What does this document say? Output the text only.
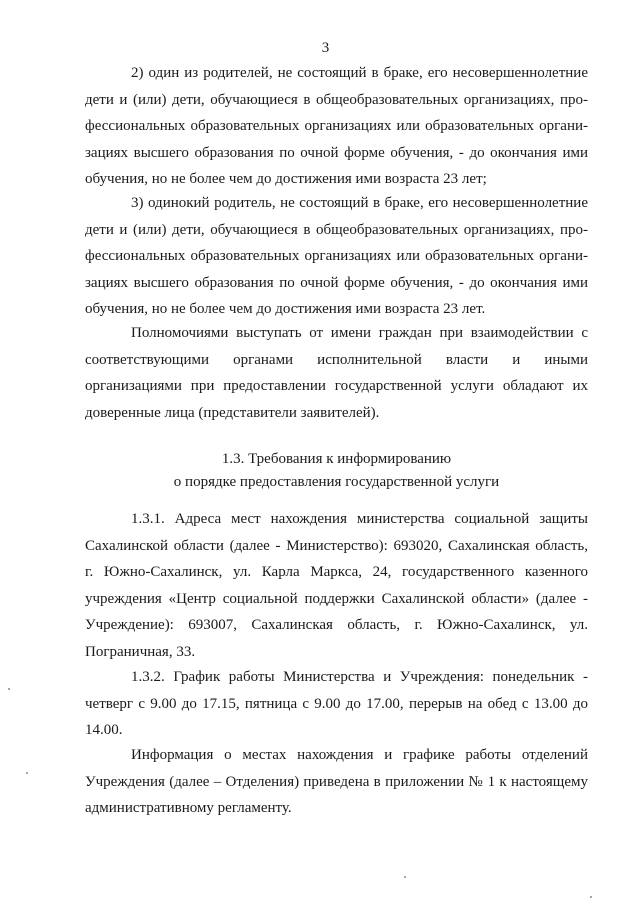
3
2) один из родителей, не состоящий в браке, его несовершеннолетние
дети и (или) дети, обучающиеся в общеобразовательных организациях, про-
фессиональных образовательных организациях или образовательных органи-
зациях высшего образования по очной форме обучения, - до окончания ими
обучения, но не более чем до достижения ими возраста 23 лет;
3) одинокий родитель, не состоящий в браке, его несовершеннолетние
дети и (или) дети, обучающиеся в общеобразовательных организациях, про-
фессиональных образовательных организациях или образовательных органи-
зациях высшего образования по очной форме обучения, - до окончания ими
обучения, но не более чем до достижения ими возраста 23 лет.
Полномочиями выступать от имени граждан при взаимодействии с
соответствующими органами исполнительной власти и иными
организациями при предоставлении государственной услуги обладают их
доверенные лица (представители заявителей).
1.3. Требования к информированию
о порядке предоставления государственной услуги
1.3.1. Адреса мест нахождения министерства социальной защиты
Сахалинской области (далее - Министерство): 693020, Сахалинская область,
г. Южно-Сахалинск, ул. Карла Маркса, 24, государственного казенного
учреждения «Центр социальной поддержки Сахалинской области» (далее -
Учреждение): 693007, Сахалинская область, г. Южно-Сахалинск, ул.
Пограничная, 33.
1.3.2. График работы Министерства и Учреждения: понедельник -
четверг с 9.00 до 17.15, пятница с 9.00 до 17.00, перерыв на обед с 13.00 до
14.00.
Информация о местах нахождения и графике работы отделений
Учреждения (далее – Отделения) приведена в приложении № 1 к настоящему
административному регламенту.
